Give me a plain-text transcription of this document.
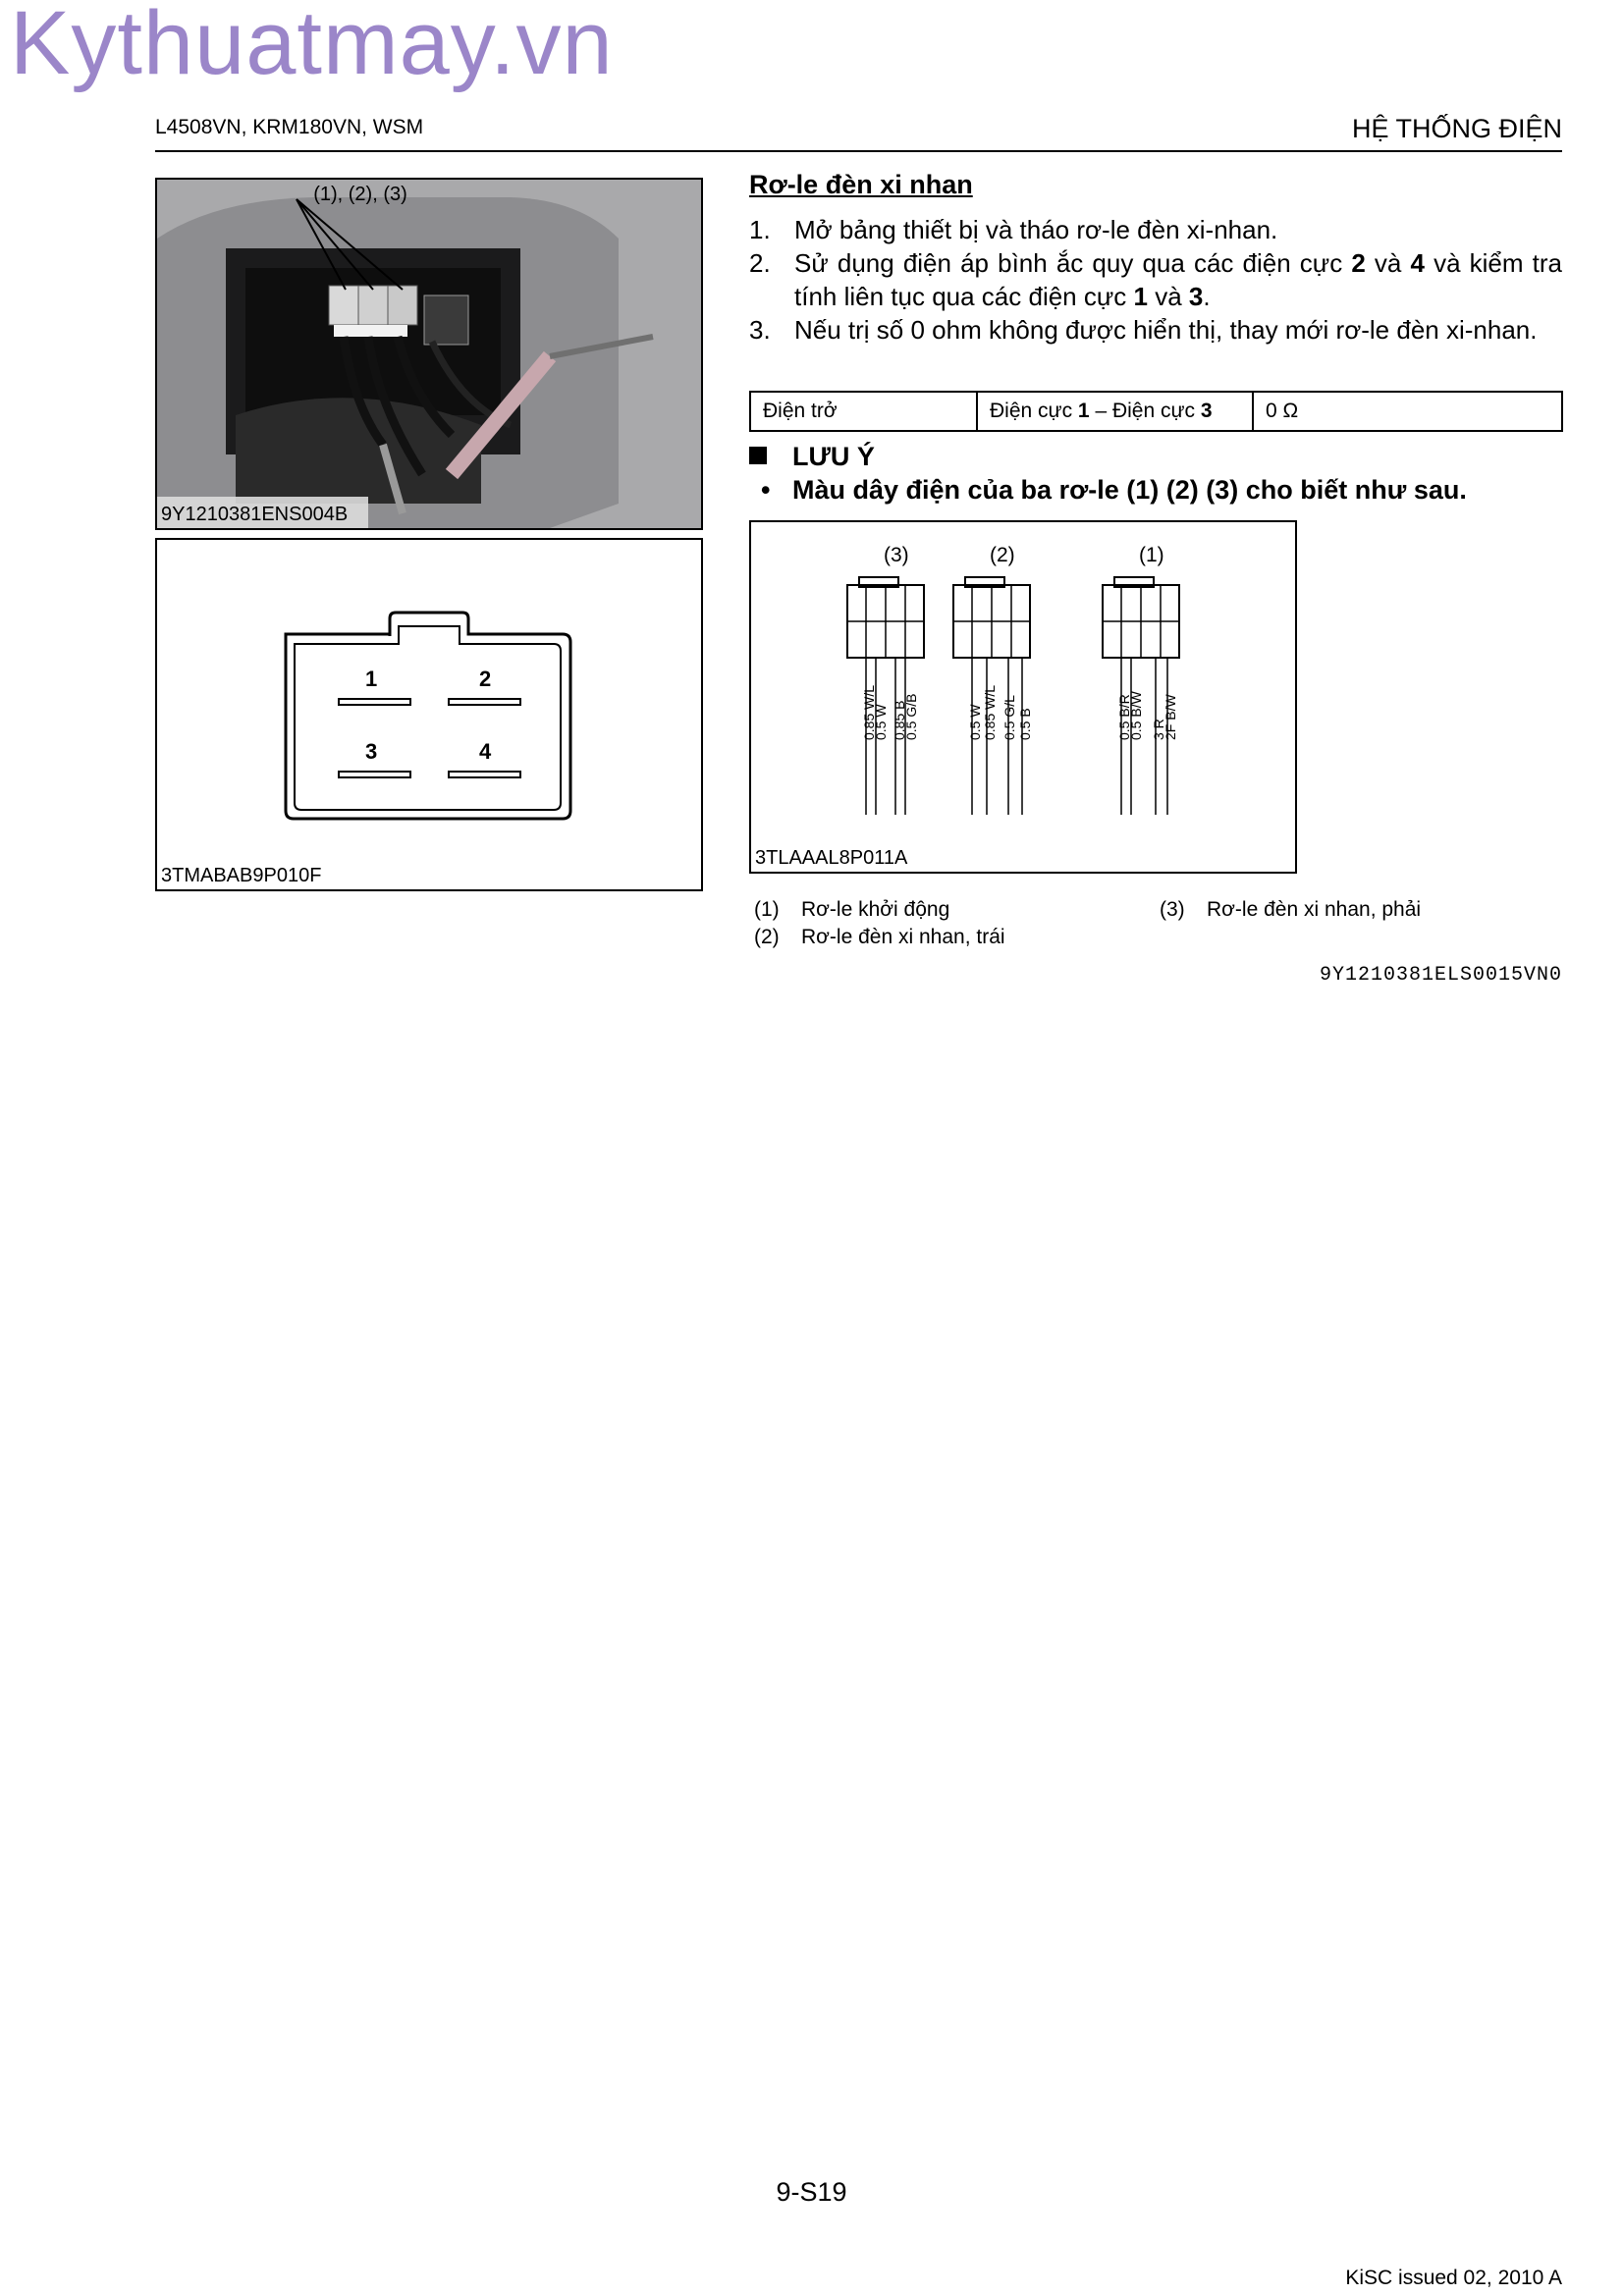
Kythuatmay.vn
L4508VN, KRM180VN, WSM	HỆ THỐNG ĐIỆN
(1), (2), (3)
9Y1210381ENS004B
1	2
3	4
3TMABAB9P010F
Rơ-le đèn xi nhan
1. Mở bảng thiết bị và tháo rơ-le đèn xi-nhan.
2. Sử dụng điện áp bình ắc quy qua các điện cực 2 và 4 và kiểm tra tính liên tục qua các điện cực 1 và 3.
3. Nếu trị số 0 ohm không được hiển thị, thay mới rơ-le đèn xi-nhan.
Điện trở	Điện cực 1 – Điện cực 3	0 Ω
LƯU Ý
• Màu dây điện của ba rơ-le (1) (2) (3) cho biết như sau.
(3)	(2)	(1)
0.85 W/L
0.5 W 0.85 B
0.5 G/B	0.5 W 0.85 W/L 0.5 G/L 0.5 B	0.5 B/R
0.5 B/W 3 R
2F B/W
3TLAAAL8P011A
(1) Rơ-le khởi động
(2) Rơ-le đèn xi nhan, trái
(3) Rơ-le đèn xi nhan, phải
9Y1210381ELS0015VN0
9-S19
KiSC issued 02, 2010 A
